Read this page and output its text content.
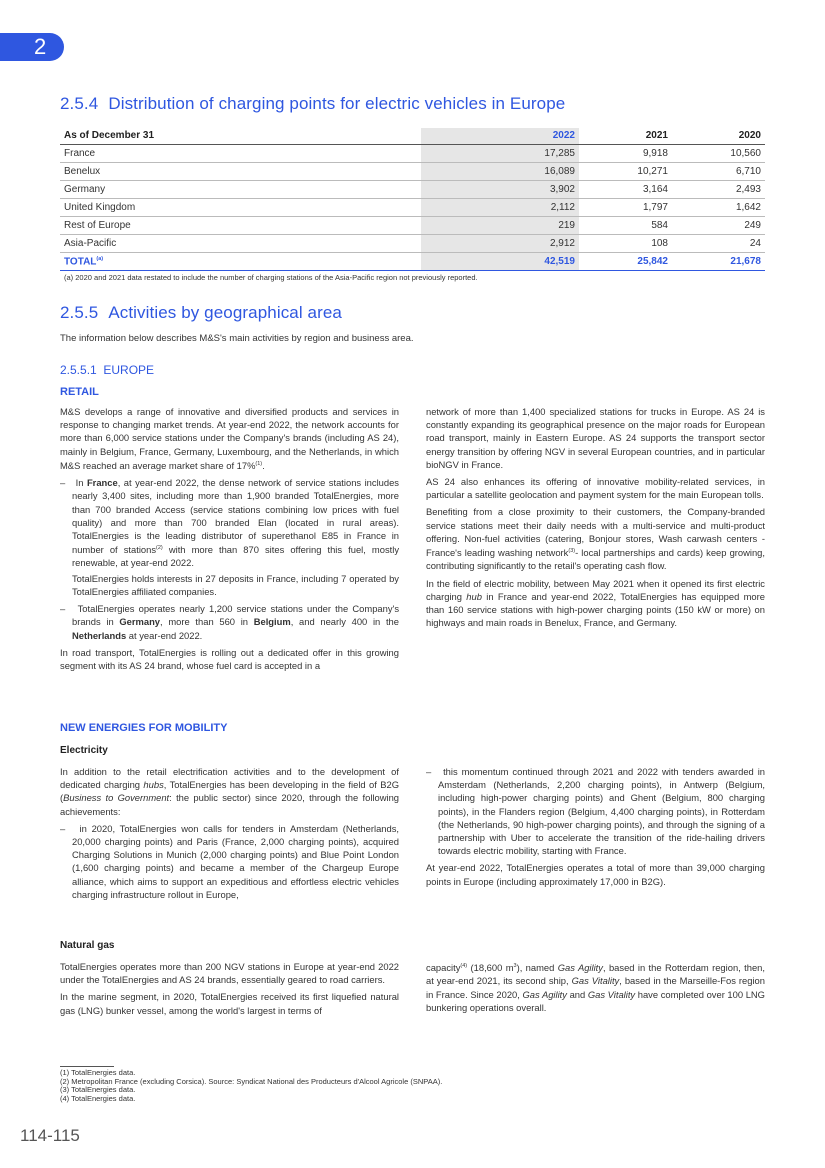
2
2.5.4 Distribution of charging points for electric vehicles in Europe
As of December 31	2022	2021	2020
France	17,285	9,918	10,560
Benelux	16,089	10,271	6,710
Germany	3,902	3,164	2,493
United Kingdom	2,112	1,797	1,642
Rest of Europe	219	584	249
Asia-Pacific	2,912	108	24
TOTAL$^{(a)}$	42,519	25,842	21,678
(a) 2020 and 2021 data restated to include the number of charging stations of the Asia-Pacific region not previously reported.
2.5.5 Activities by geographical area
The information below describes M&S's main activities by region and business area.
2.5.5.1 EUROPE
RETAIL

M&S develops a range of innovative and diversified products and services in response to changing market trends. At year-end 2022, the network accounts for more than 6,000 service stations under the Company's brands (including AS 24), mainly in Belgium, France, Germany, Luxembourg, and the Netherlands, in which M&S reached an average market share of 17%$^{(1)}$.

–   In France, at year-end 2022, the dense network of service stations includes nearly 3,400 sites, including more than 1,900 branded TotalEnergies, more than 700 branded Access (service stations combining low prices with fuel quality) and more than 700 branded Elan (located in rural areas). TotalEnergies is the leading distributor of superethanol E85 in France in number of stations$^{(2)}$ with more than 870 sites offering this fuel, mostly renewable, at year-end 2022.

TotalEnergies holds interests in 27 deposits in France, including 7 operated by TotalEnergies affiliated companies.

–   TotalEnergies operates nearly 1,200 service stations under the Company's brands in Germany, more than 560 in Belgium, and nearly 400 in the Netherlands at year-end 2022.

In road transport, TotalEnergies is rolling out a dedicated offer in this growing segment with its AS 24 brand, whose fuel card is accepted in a

network of more than 1,400 specialized stations for trucks in Europe. AS 24 is constantly expanding its geographical presence on the major roads for European road transport, mainly in Eastern Europe. AS 24 supports the transport sector energy transition by offering NGV in several European countries, and in particular bioNGV in France.

AS 24 also enhances its offering of innovative mobility-related services, in particular a satellite geolocation and payment system for the main European tolls.

Benefiting from a close proximity to their customers, the Company-branded service stations meet their daily needs with a multi-service and multi-product offering. Non-fuel activities (catering, Bonjour stores, Wash carwash centers - France's leading washing network$^{(3)}$- local partnerships and cards) keep growing, contributing significantly to the retail's operating cash flow.

In the field of electric mobility, between May 2021 when it opened its first electric charging hub in France and year-end 2022, TotalEnergies has equipped more than 160 service stations with high-power charging points (150 kW or more) on highways and main roads in Benelux, France, and Germany.

NEW ENERGIES FOR MOBILITY
Electricity

In addition to the retail electrification activities and to the development of dedicated charging hubs, TotalEnergies has been developing in the field of B2G (Business to Government: the public sector) since 2020, through the following achievements:

–   in 2020, TotalEnergies won calls for tenders in Amsterdam (Netherlands, 20,000 charging points) and Paris (France, 2,000 charging points), acquired Charging Solutions in Munich (2,000 charging points) and Blue Point London (1,600 charging points) and became a member of the Chargeup Europe alliance, which aims to support an expeditious and effortless electric vehicles charging infrastructure rollout in Europe,

–   this momentum continued through 2021 and 2022 with tenders awarded in Amsterdam (Netherlands, 2,200 charging points), in Antwerp (Belgium, including high-power charging points) and Ghent (Belgium, 800 charging points), in the Flanders region (Belgium, 4,400 charging points), in Rotterdam (the Netherlands, 90 high-power charging points), and through the signing of a partnership with Uber to accelerate the transition of the ride-hailing drivers towards electric mobility, starting with France.

At year-end 2022, TotalEnergies operates a total of more than 39,000 charging points in Europe (including approximately 17,000 in B2G).

Natural gas

TotalEnergies operates more than 200 NGV stations in Europe at year-end 2022 under the TotalEnergies and AS 24 brands, essentially geared to road carriers.

In the marine segment, in 2020, TotalEnergies received its first liquefied natural gas (LNG) bunker vessel, among the world's largest in terms of

capacity$^{(4)}$ (18,600 $m^3$), named Gas Agility, based in the Rotterdam region, then, at year-end 2021, its second ship, Gas Vitality, based in the Marseille-Fos region in France. Since 2020, Gas Agility and Gas Vitality have completed over 100 LNG bunkering operations overall.

(1) TotalEnergies data.
(2) Metropolitan France (excluding Corsica). Source: Syndicat National des Producteurs d'Alcool Agricole (SNPAA).
(3) TotalEnergies data.
(4) TotalEnergies data.
114-115
